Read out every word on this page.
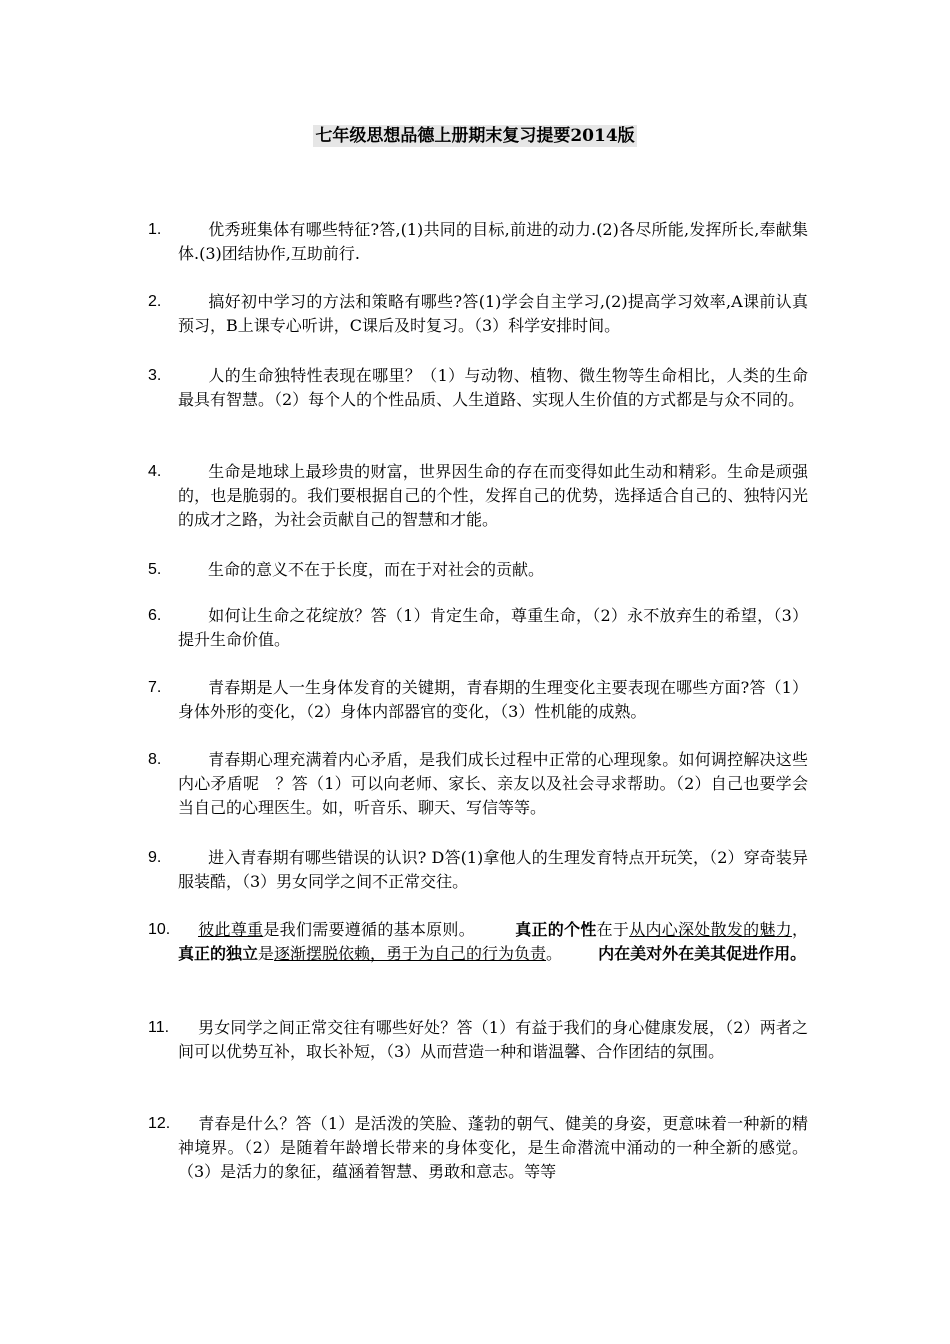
七年级思想品德上册期末复习提要2014版
1.	优秀班集体有哪些特征?答,(1)共同的目标,前进的动力.(2)各尽所能,发挥所长,奉献集体.(3)团结协作,互助前行.
2.	搞好初中学习的方法和策略有哪些?答(1)学会自主学习,(2)提高学习效率,A课前认真预习，B上课专心听讲，C课后及时复习。（3）科学安排时间。
3.	人的生命独特性表现在哪里？（1）与动物、植物、微生物等生命相比，人类的生命最具有智慧。（2）每个人的个性品质、人生道路、实现人生价值的方式都是与众不同的。
4.	生命是地球上最珍贵的财富，世界因生命的存在而变得如此生动和精彩。生命是顽强的，也是脆弱的。我们要根据自己的个性，发挥自己的优势，选择适合自己的、独特闪光的成才之路，为社会贡献自己的智慧和才能。
5.	生命的意义不在于长度，而在于对社会的贡献。
6.	如何让生命之花绽放？答（1）肯定生命，尊重生命，（2）永不放弃生的希望，（3）提升生命价值。
7.	青春期是人一生身体发育的关键期，青春期的生理变化主要表现在哪些方面?答（1）身体外形的变化，（2）身体内部器官的变化，（3）性机能的成熟。
8.	青春期心理充满着内心矛盾，是我们成长过程中正常的心理现象。如何调控解决这些内心矛盾呢　？答（1）可以向老师、家长、亲友以及社会寻求帮助。（2）自己也要学会当自己的心理医生。如，听音乐、聊天、写信等等。
9.	进入青春期有哪些错误的认识? D答(1)拿他人的生理发育特点开玩笑，（2）穿奇装异服装酷，（3）男女同学之间不正常交往。
10.	彼此尊重是我们需要遵循的基本原则。	真正的个性在于从内心深处散发的魅力，真正的独立是逐渐摆脱依赖，勇于为自己的行为负责。 内在美对外在美其促进作用。
11.	男女同学之间正常交往有哪些好处？答（1）有益于我们的身心健康发展，（2）两者之间可以优势互补，取长补短，（3）从而营造一种和谐温馨、合作团结的氛围。
12.	青春是什么？答（1）是活泼的笑脸、蓬勃的朝气、健美的身姿，更意味着一种新的精神境界。（2）是随着年龄增长带来的身体变化，是生命潜流中涌动的一种全新的感觉。（3）是活力的象征，蕴涵着智慧、勇敢和意志。等等
